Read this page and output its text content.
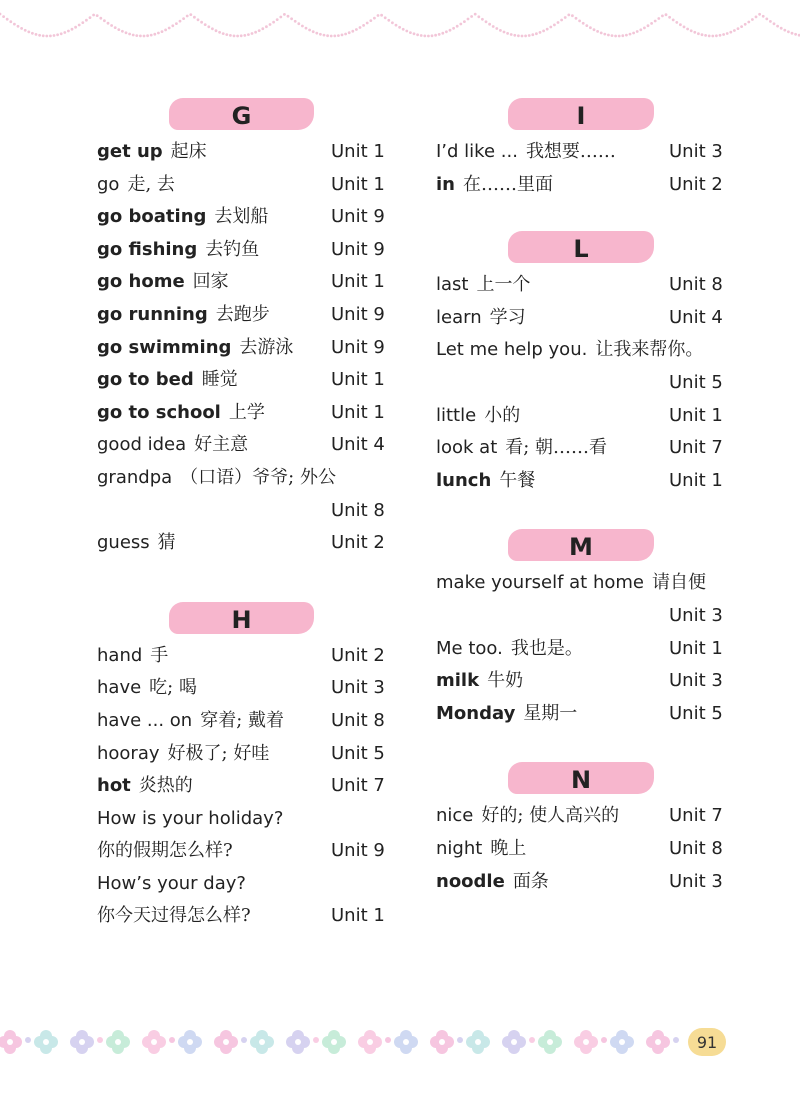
G
get up 起床	Unit 1
go 走, 去	Unit 1
go boating 去划船	Unit 9
go fishing 去钓鱼	Unit 9
go home 回家	Unit 1
go running 去跑步	Unit 9
go swimming 去游泳 Unit 9
go to bed 睡觉	Unit 1
go to school 上学	Unit 1
good idea 好主意	Unit 4
grandpa （口语）爷爷; 外公
Unit 8
guess 猜	Unit 2
H
hand 手	Unit 2
have 吃; 喝	Unit 3
have ... on 穿着; 戴着	Unit 8
hooray 好极了; 好哇	Unit 5
hot 炎热的	Unit 7
How is your holiday?
你的假期怎么样?	Unit 9
How’s your day?
你今天过得怎么样?	Unit 1
I
I’d like ... 我想要……	Unit 3
in 在……里面	Unit 2
L
last 上一个	Unit 8
learn 学习	Unit 4
Let me help you. 让我来帮你。
Unit 5
little 小的	Unit 1
look at 看; 朝……看	Unit 7
lunch 午餐	Unit 1
M
make yourself at home 请自便
Unit 3
Me too. 我也是。	Unit 1
milk 牛奶	Unit 3
Monday 星期一	Unit 5
N
nice 好的; 使人高兴的	Unit 7
night 晚上	Unit 8
noodle 面条	Unit 3
91
